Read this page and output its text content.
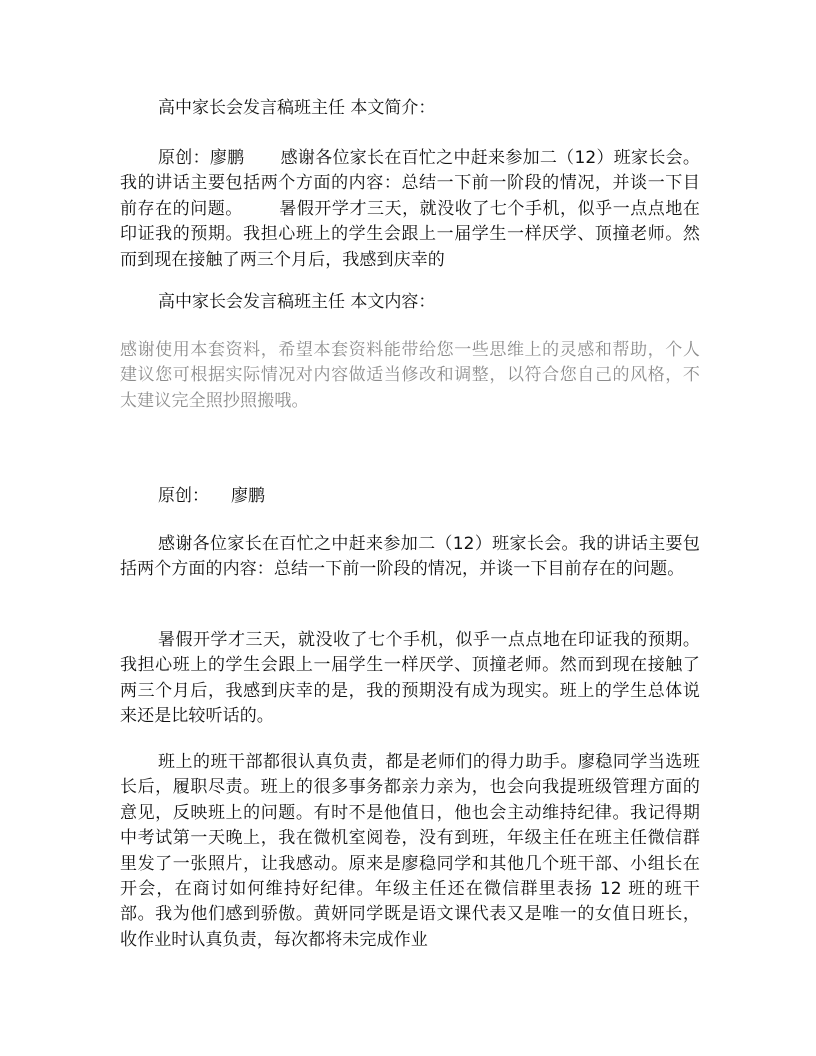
高中家长会发言稿班主任 本文简介：
原创：廖鹏 感谢各位家长在百忙之中赶来参加二（12）班家长会。我的讲话主要包括两个方面的内容：总结一下前一阶段的情况，并谈一下目前存在的问题。 暑假开学才三天，就没收了七个手机，似乎一点点地在印证我的预期。我担心班上的学生会跟上一届学生一样厌学、顶撞老师。然而到现在接触了两三个月后，我感到庆幸的
高中家长会发言稿班主任 本文内容：
感谢使用本套资料，希望本套资料能带给您一些思维上的灵感和帮助，个人建议您可根据实际情况对内容做适当修改和调整，以符合您自己的风格，不太建议完全照抄照搬哦。
原创： 廖鹏
感谢各位家长在百忙之中赶来参加二（12）班家长会。我的讲话主要包括两个方面的内容：总结一下前一阶段的情况，并谈一下目前存在的问题。
暑假开学才三天，就没收了七个手机，似乎一点点地在印证我的预期。我担心班上的学生会跟上一届学生一样厌学、顶撞老师。然而到现在接触了两三个月后，我感到庆幸的是，我的预期没有成为现实。班上的学生总体说来还是比较听话的。
班上的班干部都很认真负责，都是老师们的得力助手。廖稳同学当选班长后，履职尽责。班上的很多事务都亲力亲为，也会向我提班级管理方面的意见，反映班上的问题。有时不是他值日，他也会主动维持纪律。我记得期中考试第一天晚上，我在微机室阅卷，没有到班，年级主任在班主任微信群里发了一张照片，让我感动。原来是廖稳同学和其他几个班干部、小组长在开会，在商讨如何维持好纪律。年级主任还在微信群里表扬 12 班的班干部。我为他们感到骄傲。黄妍同学既是语文课代表又是唯一的女值日班长，收作业时认真负责，每次都将未完成作业
